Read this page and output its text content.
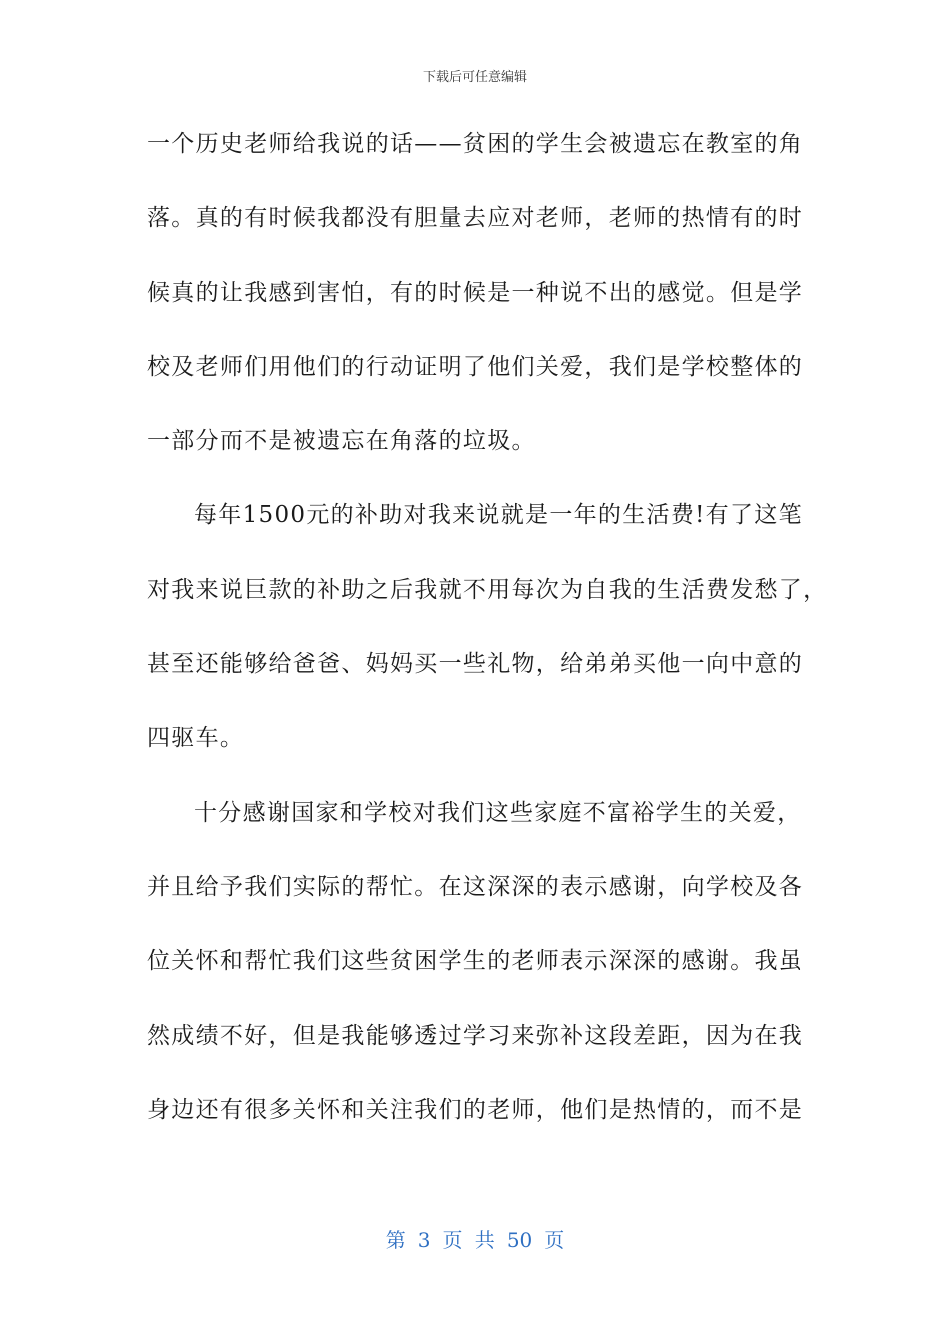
下载后可任意编辑
一个历史老师给我说的话——贫困的学生会被遗忘在教室的角
落。真的有时候我都没有胆量去应对老师，老师的热情有的时
候真的让我感到害怕，有的时候是一种说不出的感觉。但是学
校及老师们用他们的行动证明了他们关爱，我们是学校整体的
一部分而不是被遗忘在角落的垃圾。
每年1500元的补助对我来说就是一年的生活费!有了这笔
对我来说巨款的补助之后我就不用每次为自我的生活费发愁了，
甚至还能够给爸爸、妈妈买一些礼物，给弟弟买他一向中意的
四驱车。
十分感谢国家和学校对我们这些家庭不富裕学生的关爱，
并且给予我们实际的帮忙。在这深深的表示感谢，向学校及各
位关怀和帮忙我们这些贫困学生的老师表示深深的感谢。我虽
然成绩不好，但是我能够透过学习来弥补这段差距，因为在我
身边还有很多关怀和关注我们的老师，他们是热情的，而不是
第 3 页 共 50 页
